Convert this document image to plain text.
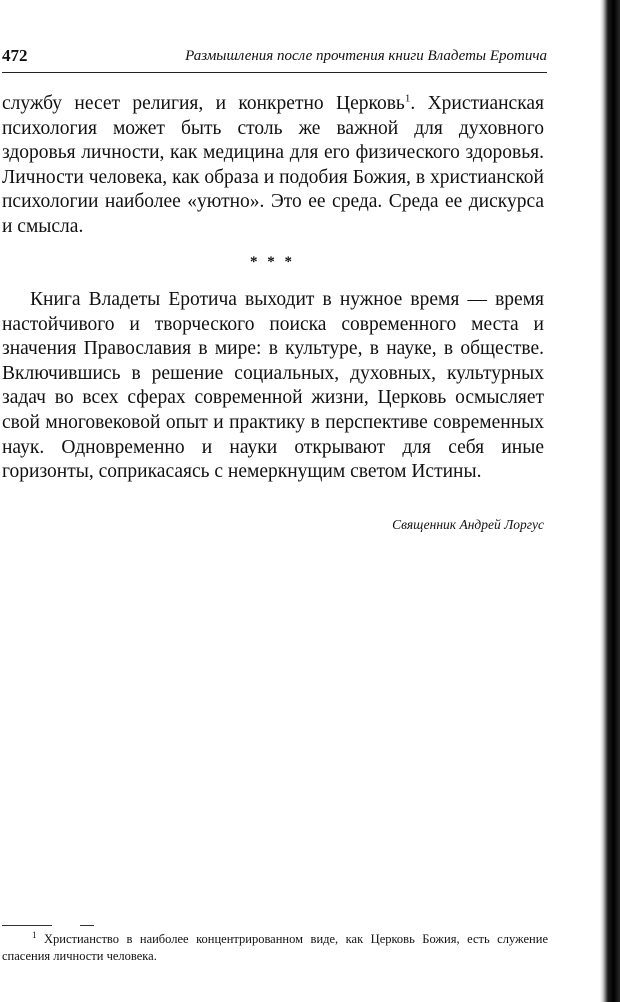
472	Размышления после прочтения книги Владеты Еротича

службу несет религия, и конкретно Церковь$^1$. Христианская психология может быть столь же важной для духовного здоровья личности, как медицина для его физического здоровья. Личности человека, как образа и подобия Божия, в христианской психологии наиболее «уютно». Это ее среда. Среда ее дискурса и смысла.

* * *

Книга Владеты Еротича выходит в нужное время — время настойчивого и творческого поиска современного места и значения Православия в мире: в культуре, в науке, в обществе. Включившись в решение социальных, духовных, культурных задач во всех сферах современной жизни, Церковь осмысляет свой многовековой опыт и практику в перспективе современных наук. Одновременно и науки открывают для себя иные горизонты, соприкасаясь с немеркнущим светом Истины.

Священник Андрей Лоргус

$^1$ Христианство в наиболее концентрированном виде, как Церковь Божия, есть служение спасения личности человека.
